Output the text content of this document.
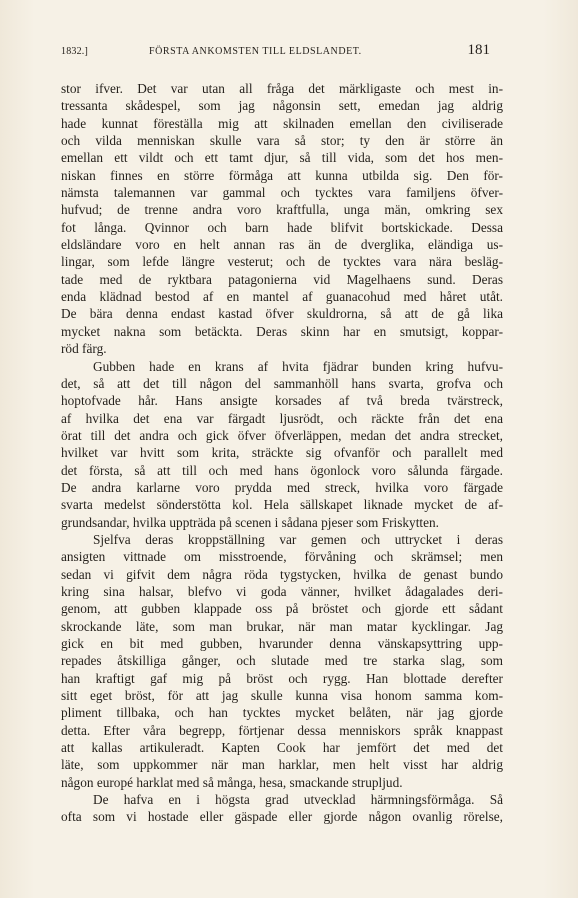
1832.]	FÖRSTA ANKOMSTEN TILL ELDSLANDET.	181
stor ifver. Det var utan all fråga det märkligaste och mest in-
tressanta skådespel, som jag någonsin sett, emedan jag aldrig
hade kunnat föreställa mig att skilnaden emellan den civiliserade
och vilda menniskan skulle vara så stor; ty den är större än
emellan ett vildt och ett tamt djur, så till vida, som det hos men-
niskan finnes en större förmåga att kunna utbilda sig. Den för-
nämsta talemannen var gammal och tycktes vara familjens öfver-
hufvud; de trenne andra voro kraftfulla, unga män, omkring sex
fot långa. Qvinnor och barn hade blifvit bortskickade. Dessa
eldsländare voro en helt annan ras än de dverglika, eländiga us-
lingar, som lefde längre vesterut; och de tycktes vara nära besläg-
tade med de ryktbara patagonierna vid Magelhaens sund. Deras
enda klädnad bestod af en mantel af guanacohud med håret utåt.
De bära denna endast kastad öfver skuldrorna, så att de gå lika
mycket nakna som betäckta. Deras skinn har en smutsigt, koppar-
röd färg.
Gubben hade en krans af hvita fjädrar bunden kring hufvu-
det, så att det till någon del sammanhöll hans svarta, grofva och
hoptofvade hår. Hans ansigte korsades af två breda tvärstreck,
af hvilka det ena var färgadt ljusrödt, och räckte från det ena
örat till det andra och gick öfver öfverläppen, medan det andra strecket,
hvilket var hvitt som krita, sträckte sig ofvanför och parallelt med
det första, så att till och med hans ögonlock voro sålunda färgade.
De andra karlarne voro prydda med streck, hvilka voro färgade
svarta medelst sönderstötta kol. Hela sällskapet liknade mycket de af-
grundsandar, hvilka uppträda på scenen i sådana pjeser som Friskytten.
Sjelfva deras kroppställning var gemen och uttrycket i deras
ansigten vittnade om misstroende, förvåning och skrämsel; men
sedan vi gifvit dem några röda tygstycken, hvilka de genast bundo
kring sina halsar, blefvo vi goda vänner, hvilket ådagalades deri-
genom, att gubben klappade oss på bröstet och gjorde ett sådant
skrockande läte, som man brukar, när man matar kycklingar. Jag
gick en bit med gubben, hvarunder denna vänskapsyttring upp-
repades åtskilliga gånger, och slutade med tre starka slag, som
han kraftigt gaf mig på bröst och rygg. Han blottade derefter
sitt eget bröst, för att jag skulle kunna visa honom samma kom-
pliment tillbaka, och han tycktes mycket belåten, när jag gjorde
detta. Efter våra begrepp, förtjenar dessa menniskors språk knappast
att kallas artikuleradt. Kapten Cook har jemfört det med det
läte, som uppkommer när man harklar, men helt visst har aldrig
någon europé harklat med så många, hesa, smackande strupljud.
De hafva en i högsta grad utvecklad härmningsförmåga. Så
ofta som vi hostade eller gäspade eller gjorde någon ovanlig rörelse,
